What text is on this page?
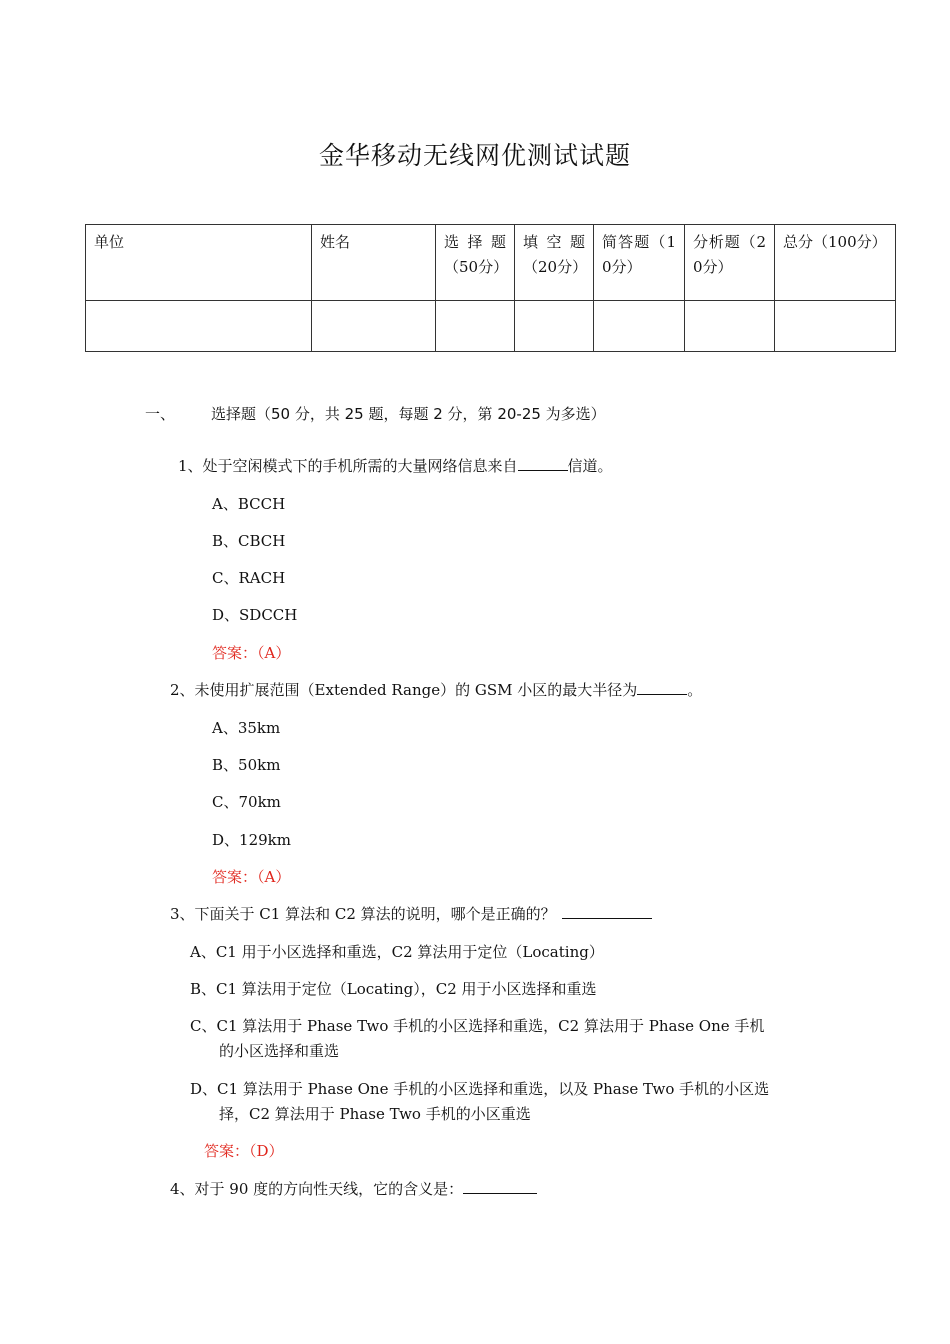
金华移动无线网优测试试题
单位	姓名	选择题（50分）	填空题（20分）	简答题（10分）	分析题（20分）	总分（100分）

一、 选择题（50 分，共 25 题，每题 2 分，第 20-25 为多选）
1、处于空闲模式下的手机所需的大量网络信息来自	信道。
A、BCCH
B、CBCH
C、RACH
D、SDCCH
答案：（A）
2、未使用扩展范围（Extended Range）的 GSM 小区的最大半径为	。
A、35km
B、50km
C、70km
D、129km
答案：（A）
3、下面关于 C1 算法和 C2 算法的说明，哪个是正确的？
A、C1 用于小区选择和重选，C2 算法用于定位（Locating）
B、C1 算法用于定位（Locating），C2 用于小区选择和重选
C、C1 算法用于 Phase Two 手机的小区选择和重选，C2 算法用于 Phase One 手机
的小区选择和重选
D、C1 算法用于 Phase One 手机的小区选择和重选，以及 Phase Two 手机的小区选
择，C2 算法用于 Phase Two 手机的小区重选
答案：（D）
4、对于 90 度的方向性天线，它的含义是：
